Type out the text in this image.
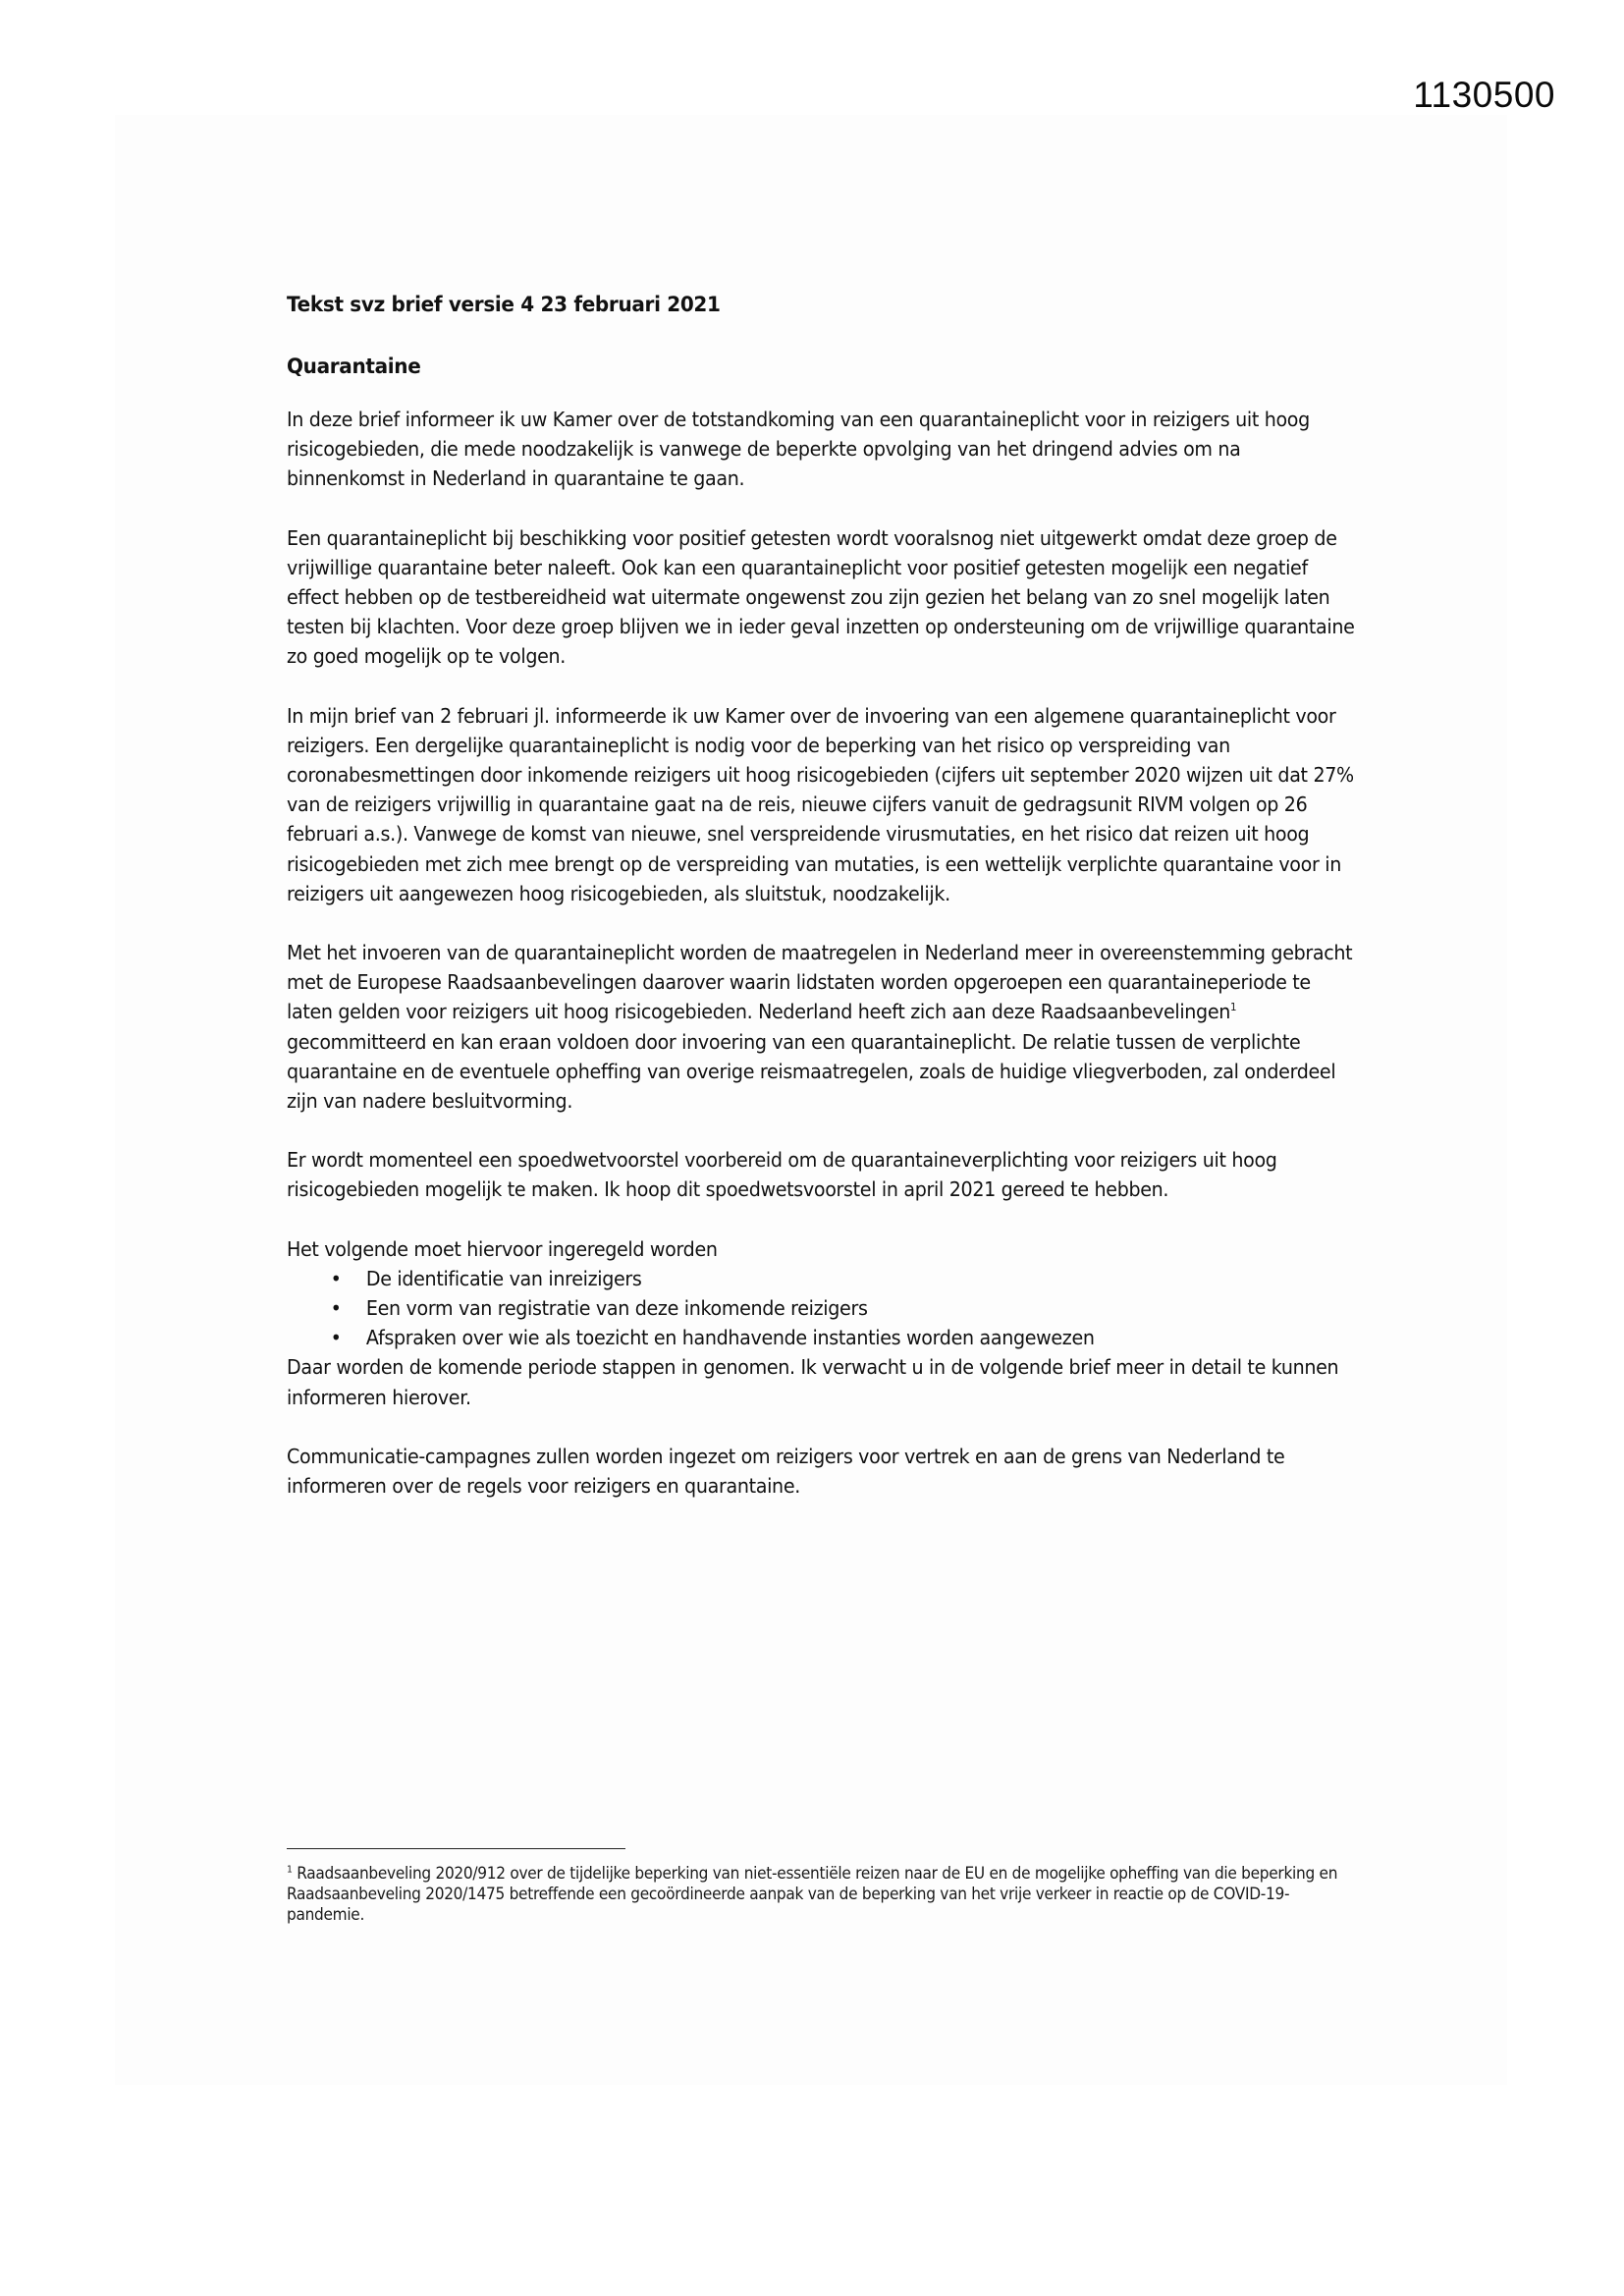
1130500
Tekst svz brief versie 4 23 februari 2021
Quarantaine

In deze brief informeer ik uw Kamer over de totstandkoming van een quarantaineplicht voor in reizigers uit hoog risicogebieden, die mede noodzakelijk is vanwege de beperkte opvolging van het dringend advies om na binnenkomst in Nederland in quarantaine te gaan.

Een quarantaineplicht bij beschikking voor positief getesten wordt vooralsnog niet uitgewerkt omdat deze groep de vrijwillige quarantaine beter naleeft. Ook kan een quarantaineplicht voor positief getesten mogelijk een negatief effect hebben op de testbereidheid wat uitermate ongewenst zou zijn gezien het belang van zo snel mogelijk laten testen bij klachten. Voor deze groep blijven we in ieder geval inzetten op ondersteuning om de vrijwillige quarantaine zo goed mogelijk op te volgen.

In mijn brief van 2 februari jl. informeerde ik uw Kamer over de invoering van een algemene quarantaineplicht voor reizigers. Een dergelijke quarantaineplicht is nodig voor de beperking van het risico op verspreiding van coronabesmettingen door inkomende reizigers uit hoog risicogebieden (cijfers uit september 2020 wijzen uit dat 27% van de reizigers vrijwillig in quarantaine gaat na de reis, nieuwe cijfers vanuit de gedragsunit RIVM volgen op 26 februari a.s.). Vanwege de komst van nieuwe, snel verspreidende virusmutaties, en het risico dat reizen uit hoog risicogebieden met zich mee brengt op de verspreiding van mutaties, is een wettelijk verplichte quarantaine voor in reizigers uit aangewezen hoog risicogebieden, als sluitstuk, noodzakelijk.

Met het invoeren van de quarantaineplicht worden de maatregelen in Nederland meer in overeenstemming gebracht met de Europese Raadsaanbevelingen daarover waarin lidstaten worden opgeroepen een quarantaineperiode te laten gelden voor reizigers uit hoog risicogebieden. Nederland heeft zich aan deze Raadsaanbevelingen$^1$ gecommitteerd en kan eraan voldoen door invoering van een quarantaineplicht. De relatie tussen de verplichte quarantaine en de eventuele opheffing van overige reismaatregelen, zoals de huidige vliegverboden, zal onderdeel zijn van nadere besluitvorming.

Er wordt momenteel een spoedwetvoorstel voorbereid om de quarantaineverplichting voor reizigers uit hoog risicogebieden mogelijk te maken. Ik hoop dit spoedwetsvoorstel in april 2021 gereed te hebben.

Het volgende moet hiervoor ingeregeld worden

• De identificatie van inreizigers
• Een vorm van registratie van deze inkomende reizigers
• Afspraken over wie als toezicht en handhavende instanties worden aangewezen

Daar worden de komende periode stappen in genomen. Ik verwacht u in de volgende brief meer in detail te kunnen informeren hierover.

Communicatie-campagnes zullen worden ingezet om reizigers voor vertrek en aan de grens van Nederland te informeren over de regels voor reizigers en quarantaine.

$^1$ Raadsaanbeveling 2020/912 over de tijdelijke beperking van niet-essentiële reizen naar de EU en de mogelijke opheffing van die beperking en Raadsaanbeveling 2020/1475 betreffende een gecoördineerde aanpak van de beperking van het vrije verkeer in reactie op de COVID-19-pandemie.
